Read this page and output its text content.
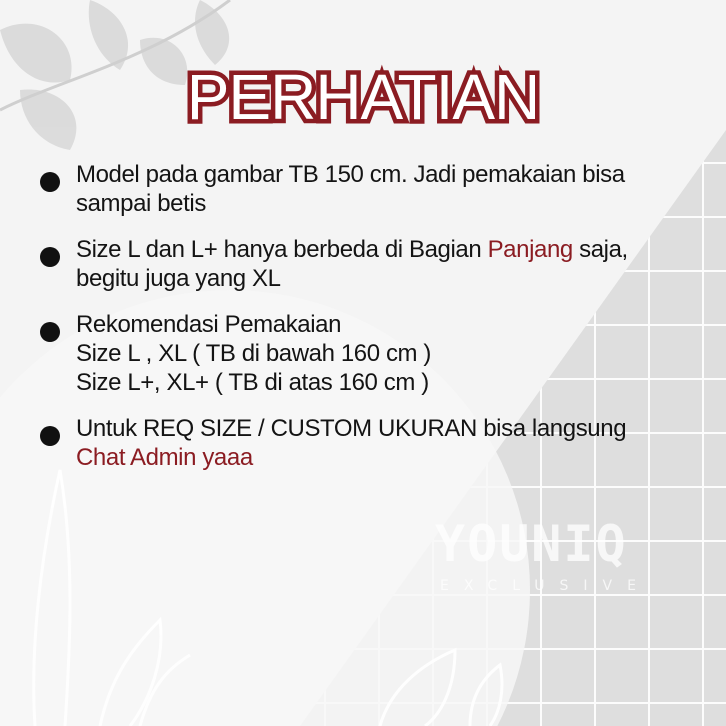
PERHATIAN
Model pada gambar TB 150 cm. Jadi pemakaian bisa
sampai betis
Size L dan L+ hanya berbeda di Bagian Panjang saja,
begitu juga yang XL
Rekomendasi Pemakaian
Size L , XL ( TB di bawah 160 cm )
Size L+, XL+ ( TB di atas 160 cm )
Untuk REQ SIZE / CUSTOM UKURAN bisa langsung
Chat Admin yaaa
YOUNIQ
EXCLUSIVE
